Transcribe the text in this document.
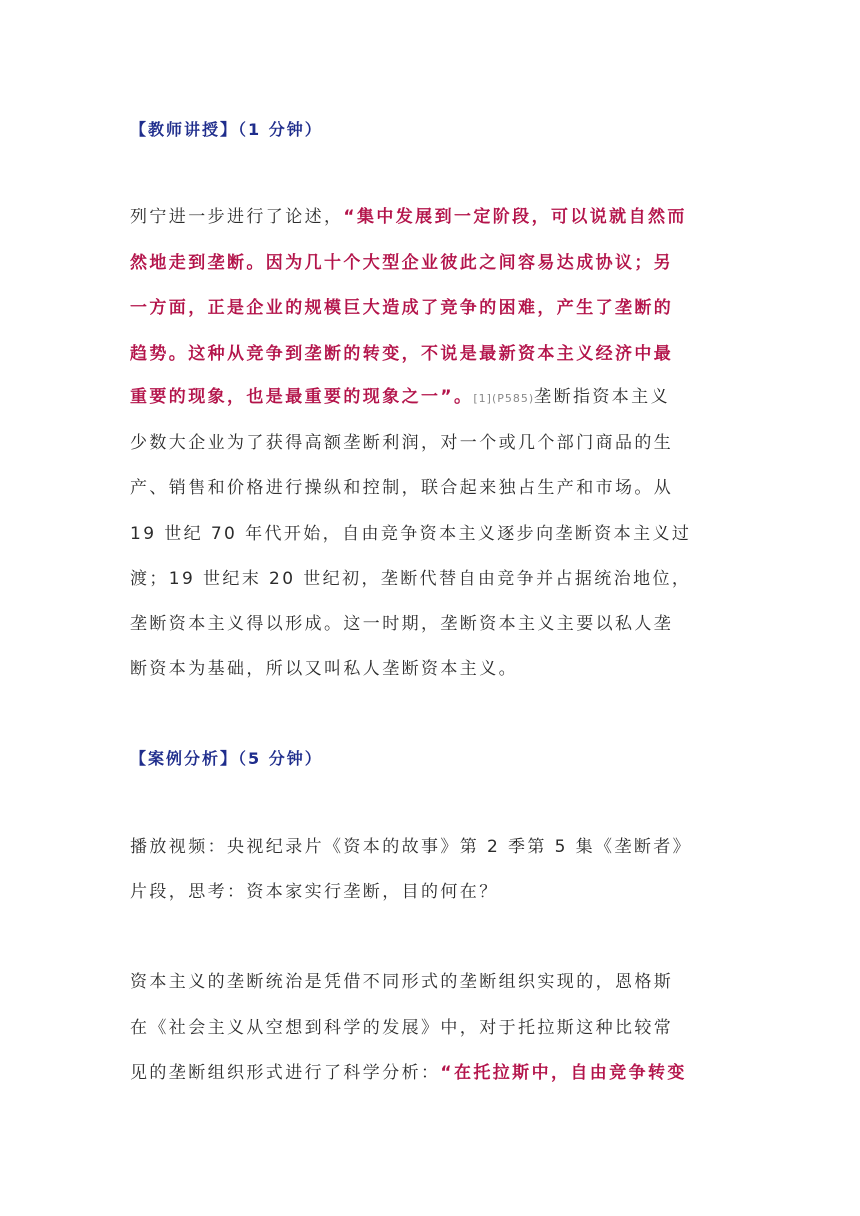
【教师讲授】（1 分钟）
列宁进一步进行了论述，“集中发展到一定阶段，可以说就自然而
然地走到垄断。因为几十个大型企业彼此之间容易达成协议；另
一方面，正是企业的规模巨大造成了竞争的困难，产生了垄断的
趋势。这种从竞争到垄断的转变，不说是最新资本主义经济中最
重要的现象，也是最重要的现象之一”。[1](P585)垄断指资本主义
少数大企业为了获得高额垄断利润，对一个或几个部门商品的生
产、销售和价格进行操纵和控制，联合起来独占生产和市场。从
19 世纪 70 年代开始，自由竞争资本主义逐步向垄断资本主义过
渡；19 世纪末 20 世纪初，垄断代替自由竞争并占据统治地位，
垄断资本主义得以形成。这一时期，垄断资本主义主要以私人垄
断资本为基础，所以又叫私人垄断资本主义。
【案例分析】（5 分钟）
播放视频：央视纪录片《资本的故事》第 2 季第 5 集《垄断者》
片段，思考：资本家实行垄断，目的何在？
资本主义的垄断统治是凭借不同形式的垄断组织实现的，恩格斯
在《社会主义从空想到科学的发展》中，对于托拉斯这种比较常
见的垄断组织形式进行了科学分析：“在托拉斯中，自由竞争转变
